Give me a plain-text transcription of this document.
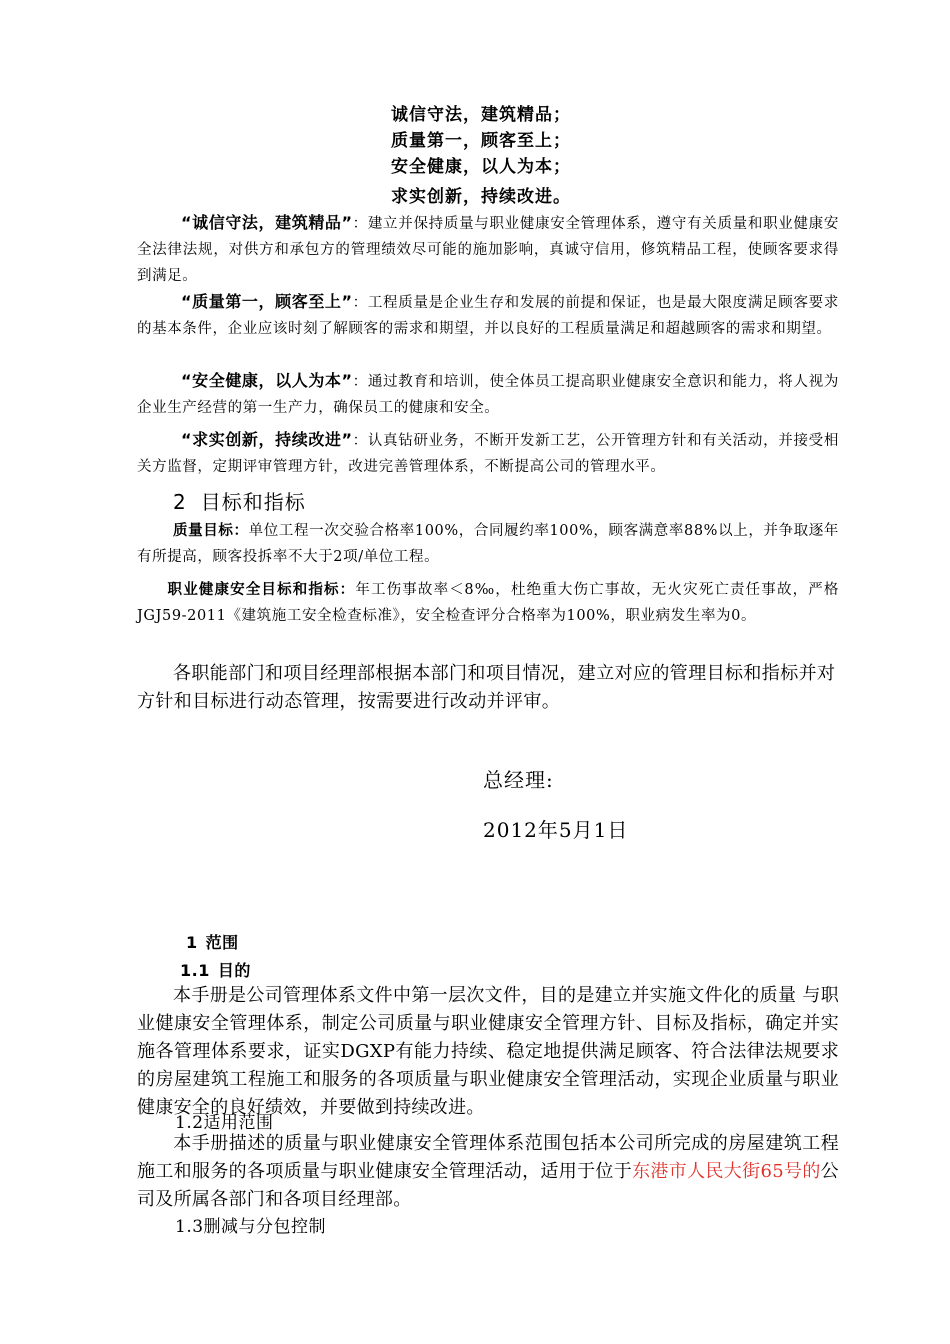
诚信守法，建筑精品；
质量第一，顾客至上；
安全健康，以人为本；
求实创新，持续改进。
“诚信守法，建筑精品”：建立并保持质量与职业健康安全管理体系，遵守有关质量和职业健康安全法律法规，对供方和承包方的管理绩效尽可能的施加影响，真诚守信用，修筑精品工程，使顾客要求得到满足。
“质量第一，顾客至上”：工程质量是企业生存和发展的前提和保证，也是最大限度满足顾客要求的基本条件，企业应该时刻了解顾客的需求和期望，并以良好的工程质量满足和超越顾客的需求和期望。
“安全健康，以人为本”：通过教育和培训，使全体员工提高职业健康安全意识和能力，将人视为企业生产经营的第一生产力，确保员工的健康和安全。
“求实创新，持续改进”：认真钻研业务，不断开发新工艺，公开管理方针和有关活动，并接受相关方监督，定期评审管理方针，改进完善管理体系，不断提高公司的管理水平。
2 目标和指标
质量目标：单位工程一次交验合格率100%，合同履约率100%，顾客满意率88%以上，并争取逐年有所提高，顾客投拆率不大于2项/单位工程。
职业健康安全目标和指标：年工伤事故率＜8‰，杜绝重大伤亡事故，无火灾死亡责任事故，严格JGJ59-2011《建筑施工安全检查标准》，安全检查评分合格率为100%，职业病发生率为0。
各职能部门和项目经理部根据本部门和项目情况，建立对应的管理目标和指标并对方针和目标进行动态管理，按需要进行改动并评审。
总经理:
2012年5月1日
1 范围
1.1 目的
本手册是公司管理体系文件中第一层次文件，目的是建立并实施文件化的质量 与职业健康安全管理体系，制定公司质量与职业健康安全管理方针、目标及指标，确定并实施各管理体系要求，证实DGXP有能力持续、稳定地提供满足顾客、符合法律法规要求的房屋建筑工程施工和服务的各项质量与职业健康安全管理活动，实现企业质量与职业健康安全的良好绩效，并要做到持续改进。
1.2适用范围
本手册描述的质量与职业健康安全管理体系范围包括本公司所完成的房屋建筑工程施工和服务的各项质量与职业健康安全管理活动，适用于位于东港市人民大街65号的公司及所属各部门和各项目经理部。
1.3删减与分包控制
